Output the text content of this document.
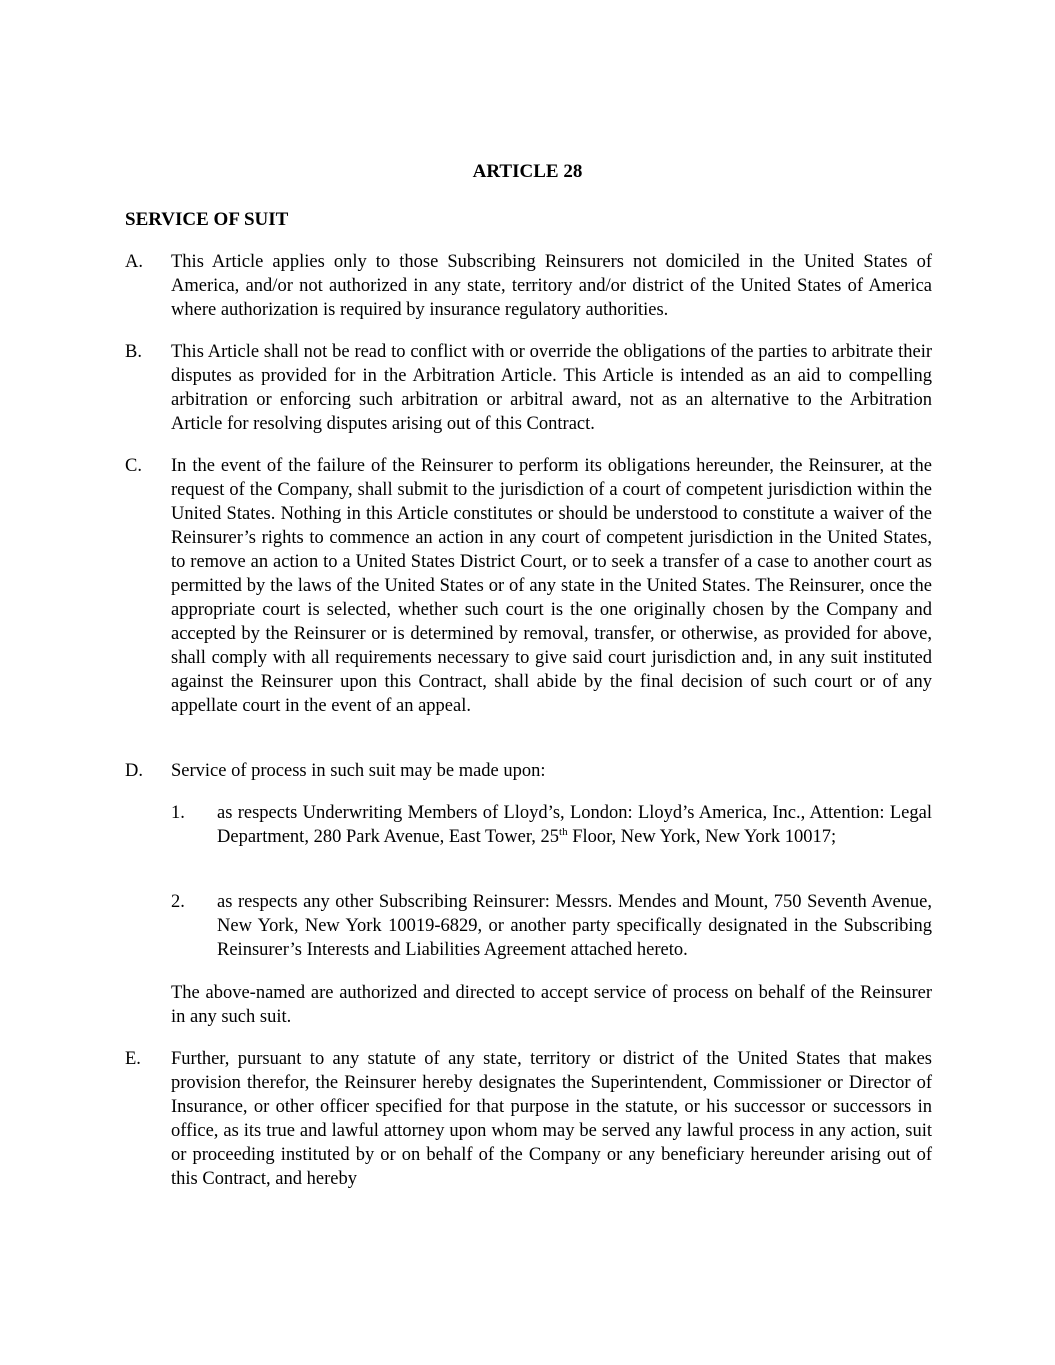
ARTICLE 28
SERVICE OF SUIT
A.	This Article applies only to those Subscribing Reinsurers not domiciled in the United States of America, and/or not authorized in any state, territory and/or district of the United States of America where authorization is required by insurance regulatory authorities.
B.	This Article shall not be read to conflict with or override the obligations of the parties to arbitrate their disputes as provided for in the Arbitration Article. This Article is intended as an aid to compelling arbitration or enforcing such arbitration or arbitral award, not as an alternative to the Arbitration Article for resolving disputes arising out of this Contract.
C.	In the event of the failure of the Reinsurer to perform its obligations hereunder, the Reinsurer, at the request of the Company, shall submit to the jurisdiction of a court of competent jurisdiction within the United States. Nothing in this Article constitutes or should be understood to constitute a waiver of the Reinsurer’s rights to commence an action in any court of competent jurisdiction in the United States, to remove an action to a United States District Court, or to seek a transfer of a case to another court as permitted by the laws of the United States or of any state in the United States. The Reinsurer, once the appropriate court is selected, whether such court is the one originally chosen by the Company and accepted by the Reinsurer or is determined by removal, transfer, or otherwise, as provided for above, shall comply with all requirements necessary to give said court jurisdiction and, in any suit instituted against the Reinsurer upon this Contract, shall abide by the final decision of such court or of any appellate court in the event of an appeal.
D.	Service of process in such suit may be made upon:
1.	as respects Underwriting Members of Lloyd’s, London: Lloyd’s America, Inc., Attention: Legal Department, 280 Park Avenue, East Tower, 25th Floor, New York, New York 10017;
2.	as respects any other Subscribing Reinsurer: Messrs. Mendes and Mount, 750 Seventh Avenue, New York, New York 10019-6829, or another party specifically designated in the Subscribing Reinsurer’s Interests and Liabilities Agreement attached hereto.
The above-named are authorized and directed to accept service of process on behalf of the Reinsurer in any such suit.
E.	Further, pursuant to any statute of any state, territory or district of the United States that makes provision therefor, the Reinsurer hereby designates the Superintendent, Commissioner or Director of Insurance, or other officer specified for that purpose in the statute, or his successor or successors in office, as its true and lawful attorney upon whom may be served any lawful process in any action, suit or proceeding instituted by or on behalf of the Company or any beneficiary hereunder arising out of this Contract, and hereby
